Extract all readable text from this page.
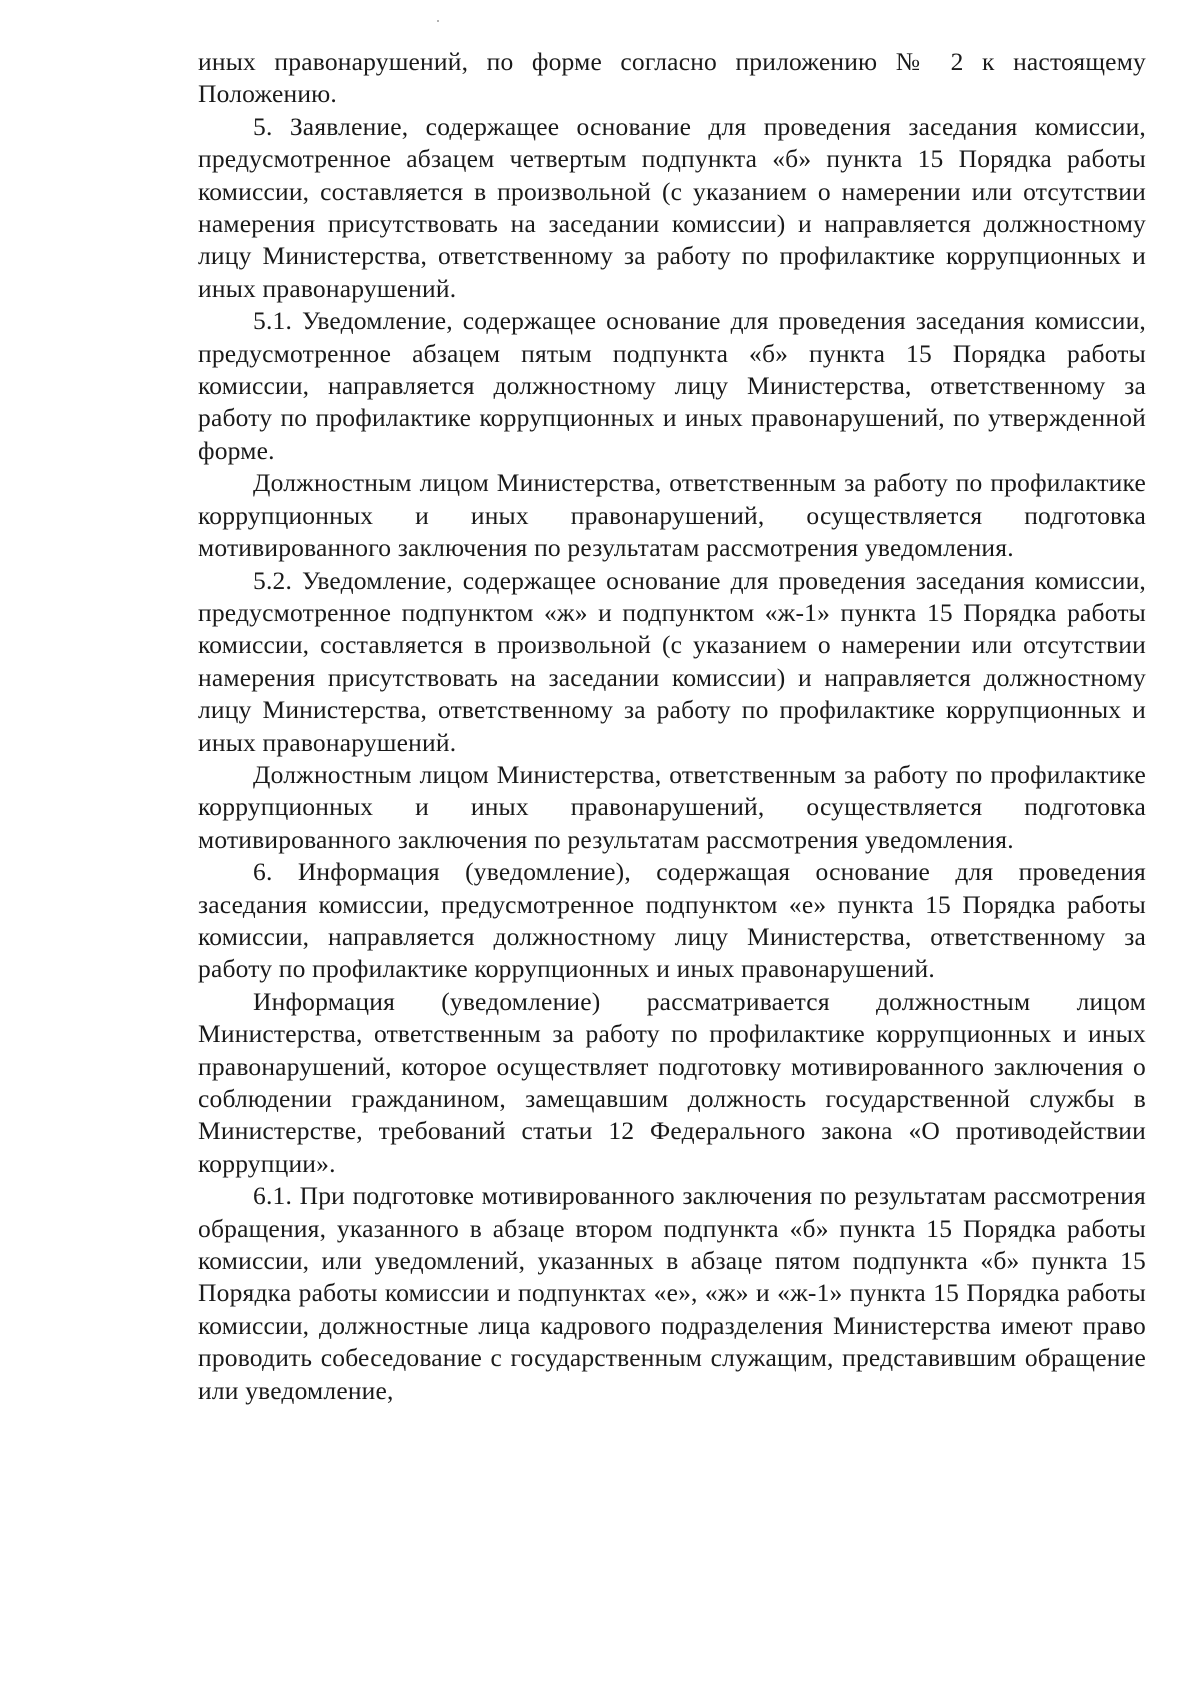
иных правонарушений, по форме согласно приложению № 2 к настоящему Положению.

5. Заявление, содержащее основание для проведения заседания комиссии, предусмотренное абзацем четвертым подпункта «б» пункта 15 Порядка работы комиссии, составляется в произвольной (с указанием о намерении или отсутствии намерения присутствовать на заседании комиссии) и направляется должностному лицу Министерства, ответственному за работу по профилактике коррупционных и иных правонарушений.

5.1. Уведомление, содержащее основание для проведения заседания комиссии, предусмотренное абзацем пятым подпункта «б» пункта 15 Порядка работы комиссии, направляется должностному лицу Министерства, ответственному за работу по профилактике коррупционных и иных правонарушений, по утвержденной форме.

Должностным лицом Министерства, ответственным за работу по профилактике коррупционных и иных правонарушений, осуществляется подготовка мотивированного заключения по результатам рассмотрения уведомления.

5.2. Уведомление, содержащее основание для проведения заседания комиссии, предусмотренное подпунктом «ж» и подпунктом «ж-1» пункта 15 Порядка работы комиссии, составляется в произвольной (с указанием о намерении или отсутствии намерения присутствовать на заседании комиссии) и направляется должностному лицу Министерства, ответственному за работу по профилактике коррупционных и иных правонарушений.

Должностным лицом Министерства, ответственным за работу по профилактике коррупционных и иных правонарушений, осуществляется подготовка мотивированного заключения по результатам рассмотрения уведомления.

6. Информация (уведомление), содержащая основание для проведения заседания комиссии, предусмотренное подпунктом «е» пункта 15 Порядка работы комиссии, направляется должностному лицу Министерства, ответственному за работу по профилактике коррупционных и иных правонарушений.

Информация (уведомление) рассматривается должностным лицом Министерства, ответственным за работу по профилактике коррупционных и иных правонарушений, которое осуществляет подготовку мотивированного заключения о соблюдении гражданином, замещавшим должность государственной службы в Министерстве, требований статьи 12 Федерального закона «О противодействии коррупции».

6.1. При подготовке мотивированного заключения по результатам рассмотрения обращения, указанного в абзаце втором подпункта «б» пункта 15 Порядка работы комиссии, или уведомлений, указанных в абзаце пятом подпункта «б» пункта 15 Порядка работы комиссии и подпунктах «е», «ж» и «ж-1» пункта 15 Порядка работы комиссии, должностные лица кадрового подразделения Министерства имеют право проводить собеседование с государственным служащим, представившим обращение или уведомление,
